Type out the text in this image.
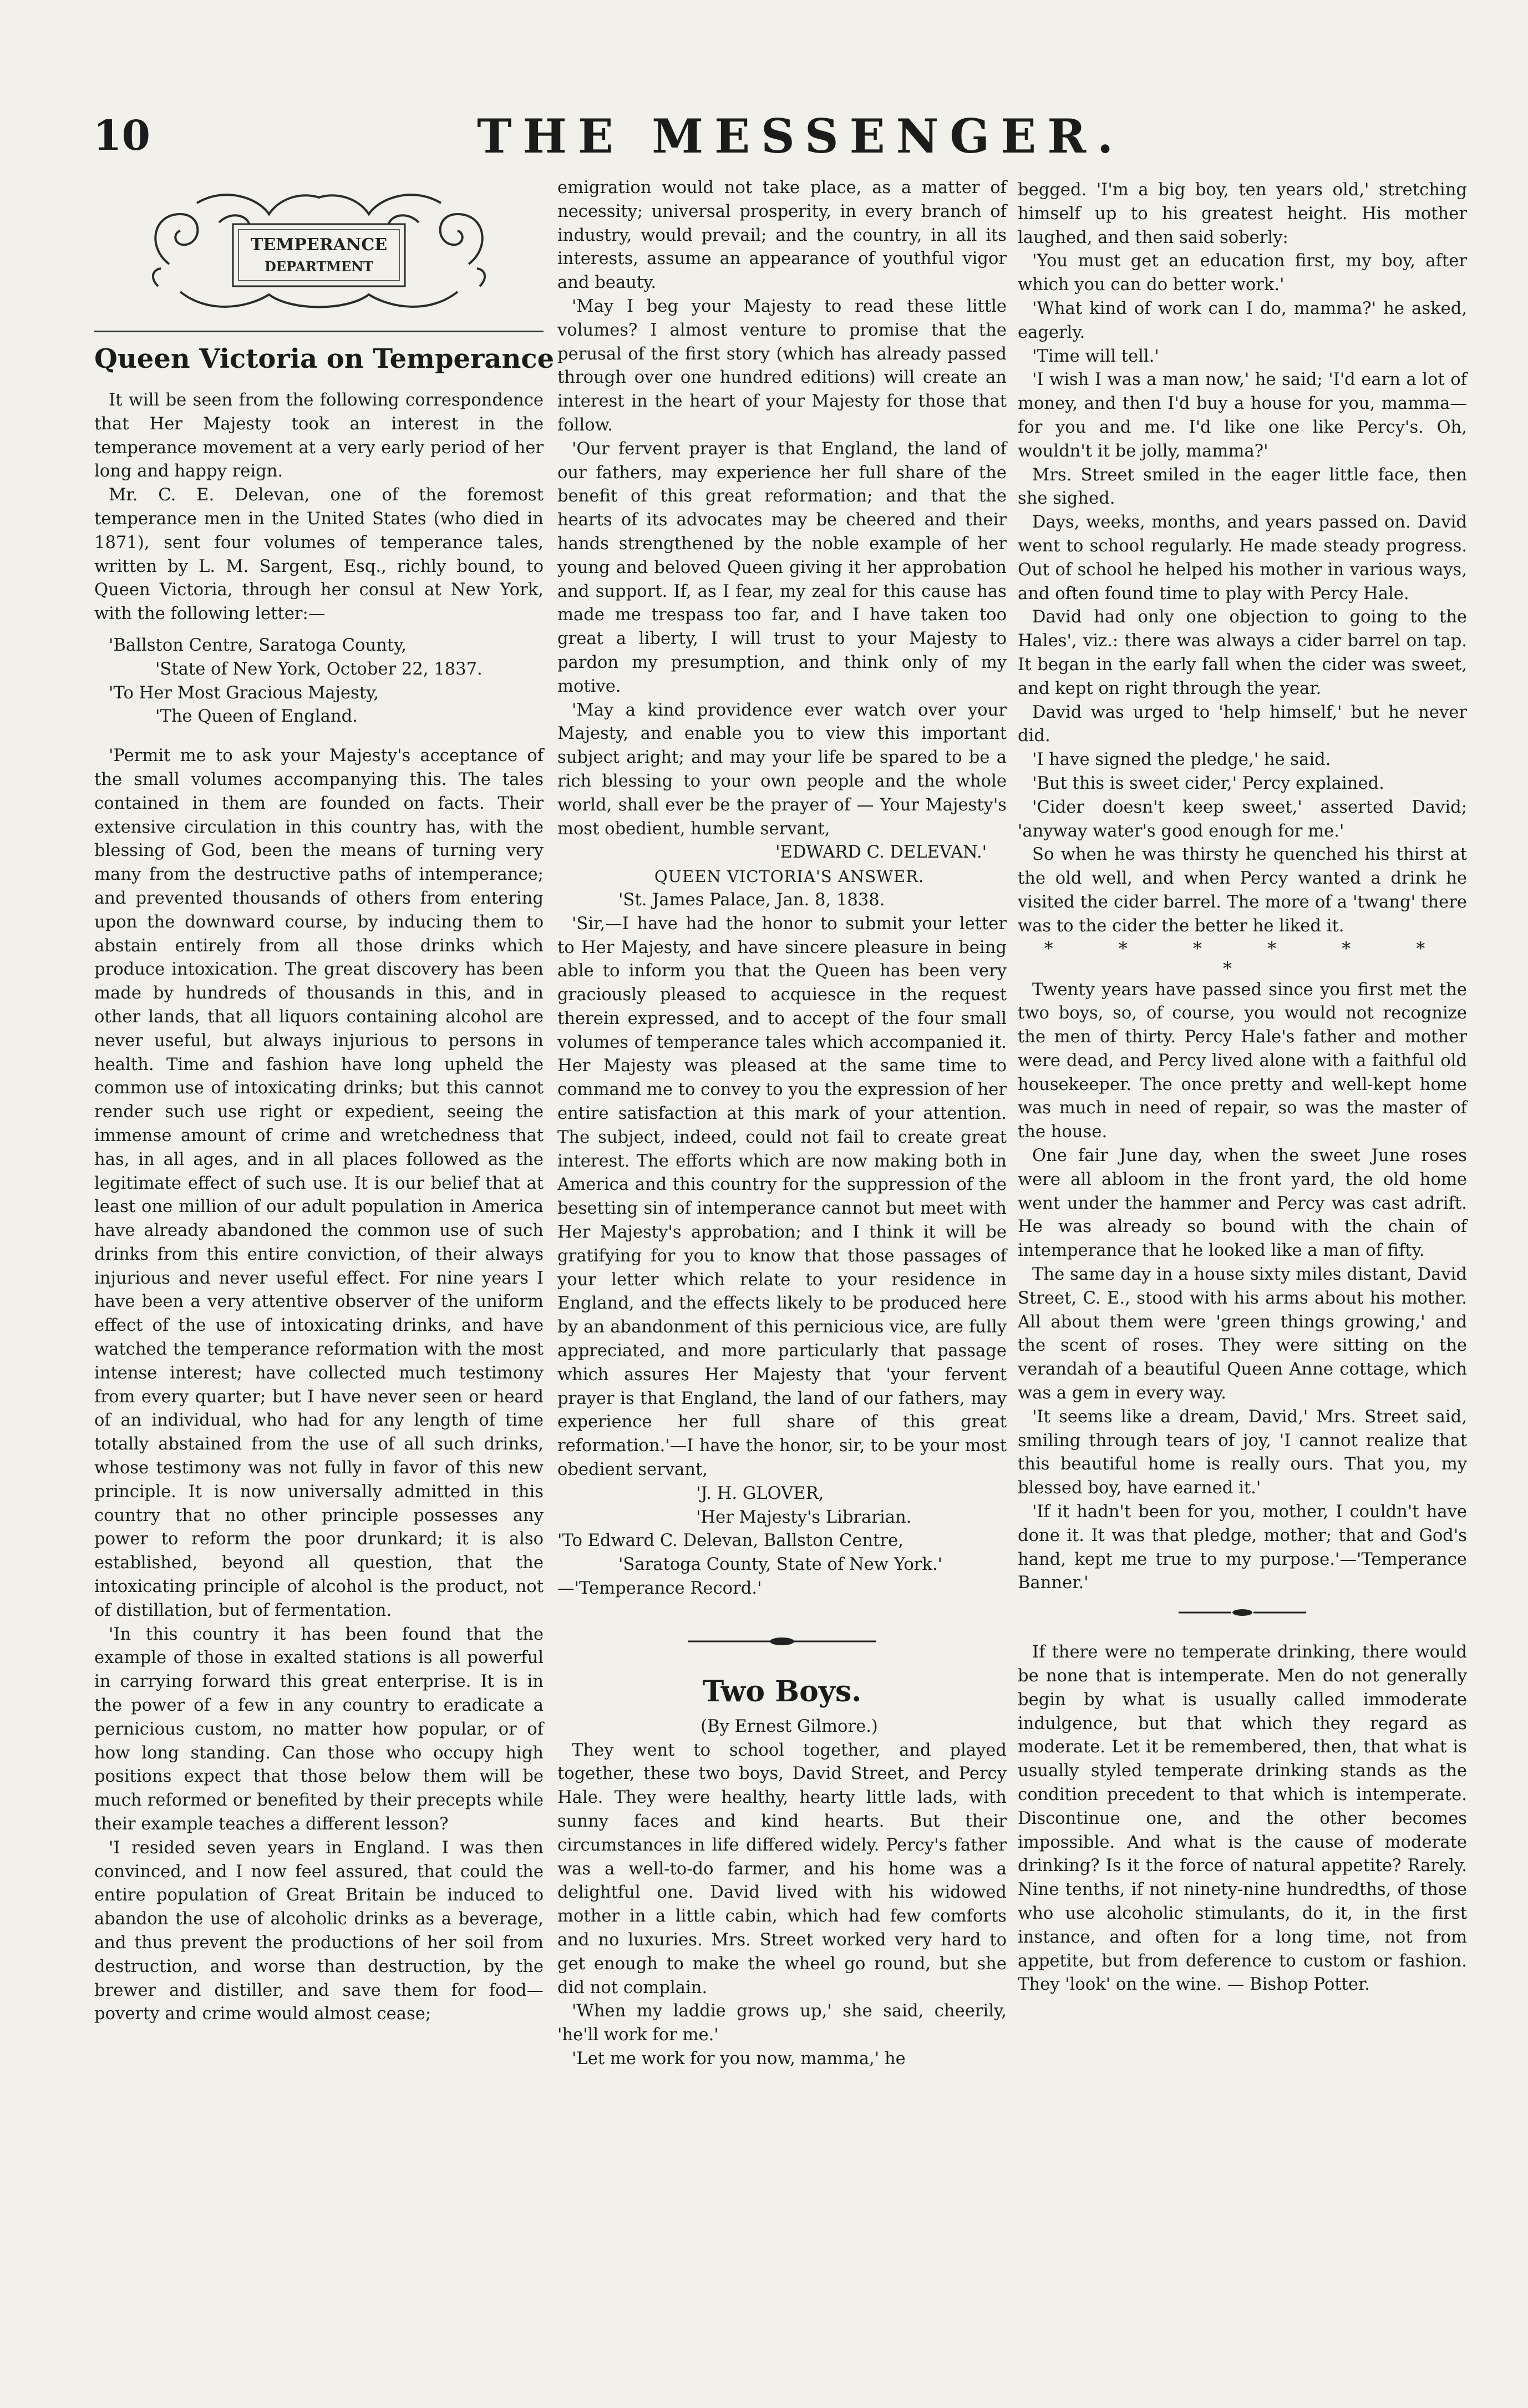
10	THE MESSENGER.
TEMPERANCE
DEPARTMENT
Queen Victoria on Temperance

It will be seen from the following correspondence that Her Majesty took an interest in the temperance movement at a very early period of her long and happy reign.

Mr. C. E. Delevan, one of the foremost temperance men in the United States (who died in 1871), sent four volumes of temperance tales, written by L. M. Sargent, Esq., richly bound, to Queen Victoria, through her consul at New York, with the following letter:—

'Ballston Centre, Saratoga County,

'State of New York, October 22, 1837.

'To Her Most Gracious Majesty,

'The Queen of England.

'Permit me to ask your Majesty's acceptance of the small volumes accompanying this. The tales contained in them are founded on facts. Their extensive circulation in this country has, with the blessing of God, been the means of turning very many from the destructive paths of intemperance; and prevented thousands of others from entering upon the downward course, by inducing them to abstain entirely from all those drinks which produce intoxication. The great discovery has been made by hundreds of thousands in this, and in other lands, that all liquors containing alcohol are never useful, but always injurious to persons in health. Time and fashion have long upheld the common use of intoxicating drinks; but this cannot render such use right or expedient, seeing the immense amount of crime and wretchedness that has, in all ages, and in all places followed as the legitimate effect of such use. It is our belief that at least one million of our adult population in America have already abandoned the common use of such drinks from this entire conviction, of their always injurious and never useful effect. For nine years I have been a very attentive observer of the uniform effect of the use of intoxicating drinks, and have watched the temperance reformation with the most intense interest; have collected much testimony from every quarter; but I have never seen or heard of an individual, who had for any length of time totally abstained from the use of all such drinks, whose testimony was not fully in favor of this new principle. It is now universally admitted in this country that no other principle possesses any power to reform the poor drunkard; it is also established, beyond all question, that the intoxicating principle of alcohol is the product, not of distillation, but of fermentation.

'In this country it has been found that the example of those in exalted stations is all powerful in carrying forward this great enterprise. It is in the power of a few in any country to eradicate a pernicious custom, no matter how popular, or of how long standing. Can those who occupy high positions expect that those below them will be much reformed or benefited by their precepts while their example teaches a different lesson?

'I resided seven years in England. I was then convinced, and I now feel assured, that could the entire population of Great Britain be induced to abandon the use of alcoholic drinks as a beverage, and thus prevent the productions of her soil from destruction, and worse than destruction, by the brewer and distiller, and save them for food—poverty and crime would almost cease;

emigration would not take place, as a matter of necessity; universal prosperity, in every branch of industry, would prevail; and the country, in all its interests, assume an appearance of youthful vigor and beauty.

'May I beg your Majesty to read these little volumes? I almost venture to promise that the perusal of the first story (which has already passed through over one hundred editions) will create an interest in the heart of your Majesty for those that follow.

'Our fervent prayer is that England, the land of our fathers, may experience her full share of the benefit of this great reformation; and that the hearts of its advocates may be cheered and their hands strengthened by the noble example of her young and beloved Queen giving it her approbation and support. If, as I fear, my zeal for this cause has made me trespass too far, and I have taken too great a liberty, I will trust to your Majesty to pardon my presumption, and think only of my motive.

'May a kind providence ever watch over your Majesty, and enable you to view this important subject aright; and may your life be spared to be a rich blessing to your own people and the whole world, shall ever be the prayer of — Your Majesty's most obedient, humble servant,

'EDWARD C. DELEVAN.'

QUEEN VICTORIA'S ANSWER.

'St. James Palace, Jan. 8, 1838.

'Sir,—I have had the honor to submit your letter to Her Majesty, and have sincere pleasure in being able to inform you that the Queen has been very graciously pleased to acquiesce in the request therein expressed, and to accept of the four small volumes of temperance tales which accompanied it. Her Majesty was pleased at the same time to command me to convey to you the expression of her entire satisfaction at this mark of your attention. The subject, indeed, could not fail to create great interest. The efforts which are now making both in America and this country for the suppression of the besetting sin of intemperance cannot but meet with Her Majesty's approbation; and I think it will be gratifying for you to know that those passages of your letter which relate to your residence in England, and the effects likely to be produced here by an abandonment of this pernicious vice, are fully appreciated, and more particularly that passage which assures Her Majesty that 'your fervent prayer is that England, the land of our fathers, may experience her full share of this great reformation.'—I have the honor, sir, to be your most obedient servant,

'J. H. GLOVER,

'Her Majesty's Librarian.

'To Edward C. Delevan, Ballston Centre,

'Saratoga County, State of New York.'

—'Temperance Record.'

Two Boys.

(By Ernest Gilmore.)

They went to school together, and played together, these two boys, David Street, and Percy Hale. They were healthy, hearty little lads, with sunny faces and kind hearts. But their circumstances in life differed widely. Percy's father was a well-to-do farmer, and his home was a delightful one. David lived with his widowed mother in a little cabin, which had few comforts and no luxuries. Mrs. Street worked very hard to get enough to make the wheel go round, but she did not complain.

'When my laddie grows up,' she said, cheerily, 'he'll work for me.'

'Let me work for you now, mamma,' he

begged. 'I'm a big boy, ten years old,' stretching himself up to his greatest height. His mother laughed, and then said soberly:

'You must get an education first, my boy, after which you can do better work.'

'What kind of work can I do, mamma?' he asked, eagerly.

'Time will tell.'

'I wish I was a man now,' he said; 'I'd earn a lot of money, and then I'd buy a house for you, mamma—for you and me. I'd like one like Percy's. Oh, wouldn't it be jolly, mamma?'

Mrs. Street smiled in the eager little face, then she sighed.

Days, weeks, months, and years passed on. David went to school regularly. He made steady progress. Out of school he helped his mother in various ways, and often found time to play with Percy Hale.

David had only one objection to going to the Hales', viz.: there was always a cider barrel on tap. It began in the early fall when the cider was sweet, and kept on right through the year.

David was urged to 'help himself,' but he never did.

'I have signed the pledge,' he said.

'But this is sweet cider,' Percy explained.

'Cider doesn't keep sweet,' asserted David; 'anyway water's good enough for me.'

So when he was thirsty he quenched his thirst at the old well, and when Percy wanted a drink he visited the cider barrel. The more of a 'twang' there was to the cider the better he liked it.

* * * * * * *

Twenty years have passed since you first met the two boys, so, of course, you would not recognize the men of thirty. Percy Hale's father and mother were dead, and Percy lived alone with a faithful old housekeeper. The once pretty and well-kept home was much in need of repair, so was the master of the house.

One fair June day, when the sweet June roses were all abloom in the front yard, the old home went under the hammer and Percy was cast adrift. He was already so bound with the chain of intemperance that he looked like a man of fifty.

The same day in a house sixty miles distant, David Street, C. E., stood with his arms about his mother. All about them were 'green things growing,' and the scent of roses. They were sitting on the verandah of a beautiful Queen Anne cottage, which was a gem in every way.

'It seems like a dream, David,' Mrs. Street said, smiling through tears of joy, 'I cannot realize that this beautiful home is really ours. That you, my blessed boy, have earned it.'

'If it hadn't been for you, mother, I couldn't have done it. It was that pledge, mother; that and God's hand, kept me true to my purpose.'—'Temperance Banner.'

If there were no temperate drinking, there would be none that is intemperate. Men do not generally begin by what is usually called immoderate indulgence, but that which they regard as moderate. Let it be remembered, then, that what is usually styled temperate drinking stands as the condition precedent to that which is intemperate. Discontinue one, and the other becomes impossible. And what is the cause of moderate drinking? Is it the force of natural appetite? Rarely. Nine tenths, if not ninety-nine hundredths, of those who use alcoholic stimulants, do it, in the first instance, and often for a long time, not from appetite, but from deference to custom or fashion. They 'look' on the wine. — Bishop Potter.
